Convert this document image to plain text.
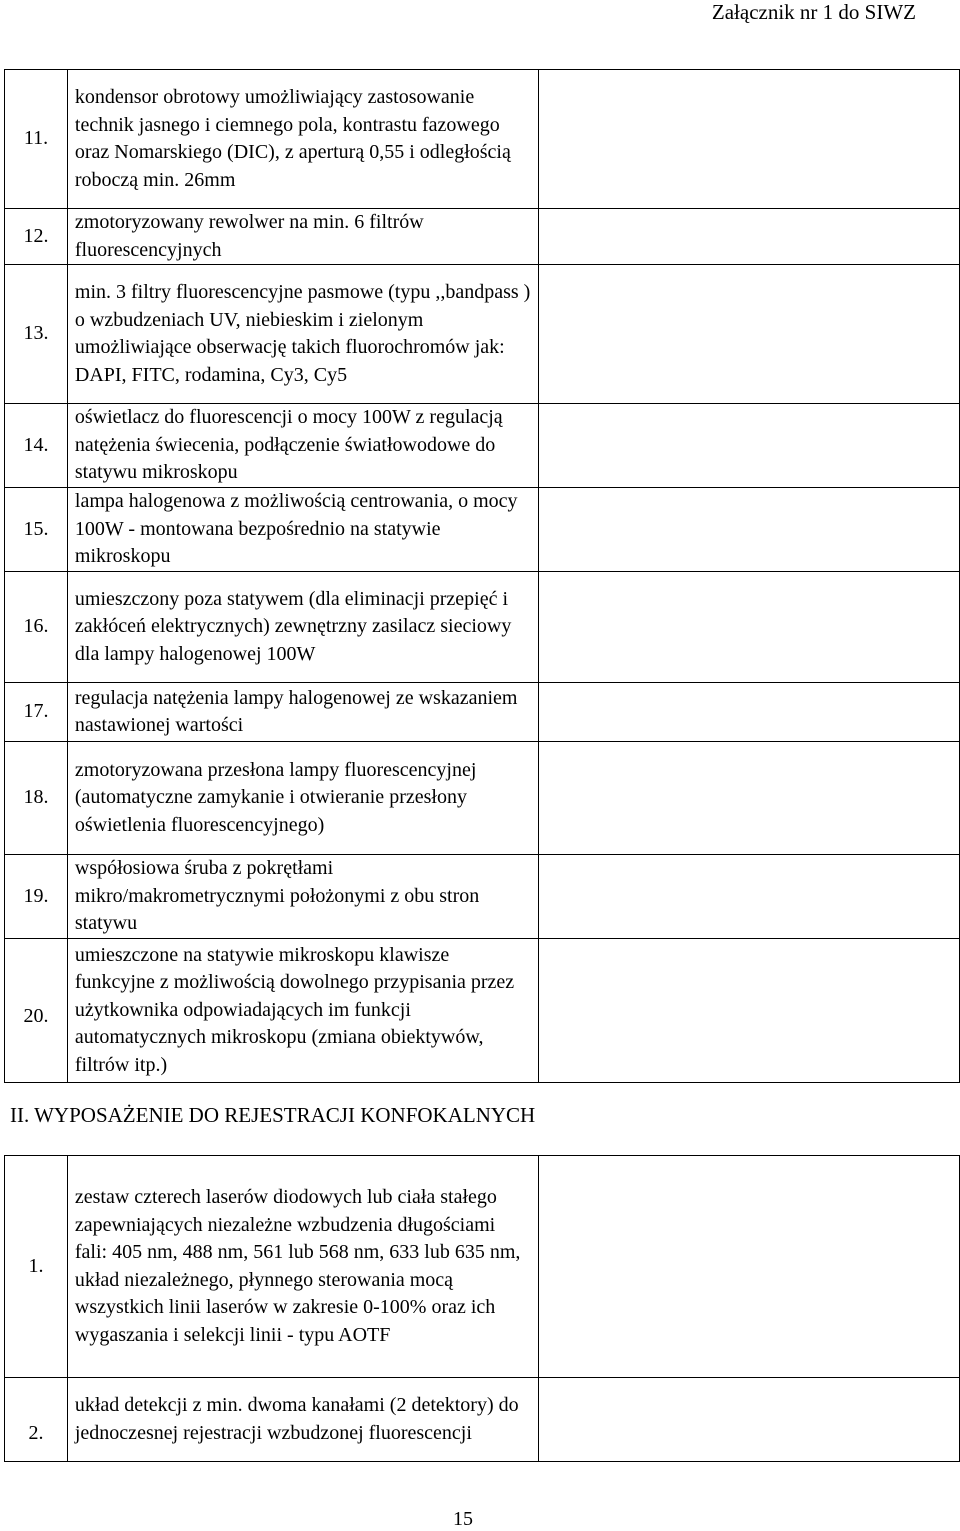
Załącznik nr 1 do SIWZ
11.	kondensor obrotowy umożliwiający zastosowanie technik jasnego i ciemnego pola, kontrastu fazowego oraz Nomarskiego (DIC), z aperturą 0,55 i odległością roboczą min. 26mm	
12.	zmotoryzowany rewolwer na min. 6 filtrów fluorescencyjnych	
13.	min. 3 filtry fluorescencyjne pasmowe (typu ,,bandpass ) o wzbudzeniach UV, niebieskim i zielonym umożliwiające obserwację takich fluorochromów jak: DAPI, FITC, rodamina, Cy3, Cy5	
14.	oświetlacz do fluorescencji o mocy 100W z regulacją natężenia świecenia, podłączenie światłowodowe do statywu mikroskopu	
15.	lampa halogenowa z możliwością centrowania, o mocy 100W - montowana bezpośrednio na statywie mikroskopu	
16.	umieszczony poza statywem (dla eliminacji przepięć i zakłóceń elektrycznych) zewnętrzny zasilacz sieciowy dla lampy halogenowej 100W	
17.	regulacja natężenia lampy halogenowej ze wskazaniem nastawionej wartości	
18.	zmotoryzowana przesłona lampy fluorescencyjnej (automatyczne zamykanie i otwieranie przesłony oświetlenia fluorescencyjnego)	
19.	współosiowa śruba z pokrętłami mikro/makrometrycznymi położonymi z obu stron statywu	
20.	umieszczone na statywie mikroskopu klawisze funkcyjne z możliwością dowolnego przypisania przez użytkownika odpowiadających im funkcji automatycznych mikroskopu (zmiana obiektywów, filtrów itp.)	
II. WYPOSAŻENIE DO REJESTRACJI KONFOKALNYCH
1.	zestaw czterech laserów diodowych lub ciała stałego zapewniających niezależne wzbudzenia długościami fali: 405 nm, 488 nm, 561 lub 568 nm, 633 lub 635 nm, układ niezależnego, płynnego sterowania mocą wszystkich linii laserów w zakresie 0-100% oraz ich wygaszania i selekcji linii - typu AOTF	
2.	układ detekcji z min. dwoma kanałami (2 detektory) do jednoczesnej rejestracji wzbudzonej fluorescencji	
15
